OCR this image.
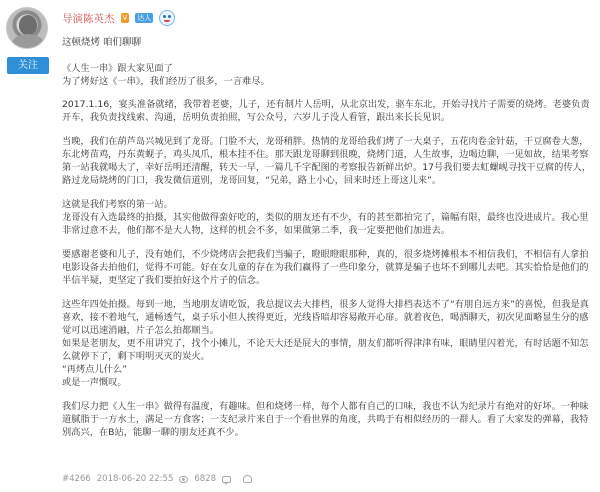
关注
导演陈英杰 V 达人
这顿烧烤 咱们聊聊
《人生一串》跟大家见面了
为了烤好这《一串》，我们经历了很多，一言难尽。
2017.1.16，宴头准备就绪，我带着老婆，儿子，还有制片人岳明，从北京出发，驱车东北，开始寻找片子需要的烧烤。老婆负责开车，我负责找线索、沟通，岳明负责拍照，写公众号，六岁儿子没人看管，跟出来长长见识。
当晚，我们在葫芦岛兴城见到了龙哥。门脸不大，龙哥稍胖。热情的龙哥给我们烤了一大桌子，五花肉卷金针菇，干豆腐卷大葱，东北烤苗鸡，丹东黄蚬子，鸡头凤爪，根本挂不住。那天跟龙哥聊到很晚，烧烤门道，人生故事，边喝边聊，一见如故，结果考察第一站我就喝大了，幸好岳明还清醒，转天一早，一篇几千字配图的考察报告新鲜出炉。17号我们要去虹螺岘寻找干豆腐的传人，路过龙局烧烤的门口，我发微信道别，龙哥回复，“兄弟，路上小心，回来时还上哥这儿来”。
这就是我们考察的第一站。
龙哥没有入选最终的拍摄，其实他做得蛮好吃的，类似的朋友还有不少，有的甚至都拍完了，篇幅有限，最终也没进成片。我心里非常过意不去，他们都不是大人物，这样的机会不多，如果做第二季，我一定要把他们加进去。
要感谢老婆和儿子，没有她们，不少烧烤店会把我们当骗子，瞪眼瞪眼那种，真的，很多烧烤摊根本不相信我们，不相信有人拿拍电影设备去拍他们，觉得不可能。好在女儿童的存在为我们赢得了一些印象分，就算是骗子也坏不到哪儿去吧。其实恰恰是他们的半信半疑，更坚定了我们要拍好这个片子的信念。
这些年四处拍摄。每到一地，当地朋友请吃饭，我总提议去大排档，很多人觉得大排档表达不了“有朋自远方来”的喜悦，但我是真喜欢，接不着地气，通畅透气，桌子乐小但人挨得更近，光线昏暗却容易敞开心扉。就着夜色，喝酒聊天，初次见面略显生分的感觉可以迅速消融，片子怎么拍都顺当。
如果是老朋友，更不用讲究了，找个小摊儿，不论天大还是屁大的事情，朋友们都听得津津有味，眼睛里闪着光，有时话题不知怎么就停下了，剩下明明灭灭的炭火。
“再烤点儿什么”
或是一声慨叹。
我们尽力把《人生一串》做得有温度，有趣味。但和烧烤一样，每个人都有自己的口味，我也不认为纪录片有绝对的好坏。一种味道腻脂于一方水土，满足一方食客；一支纪录片来自于一个看世界的角度，共鸣于有相似经历的一群人。看了大家发的弹幕，我特别高兴，在B站，能聊一聊的朋友还真不少。
#4266 2018-06-20 22:55 6828
